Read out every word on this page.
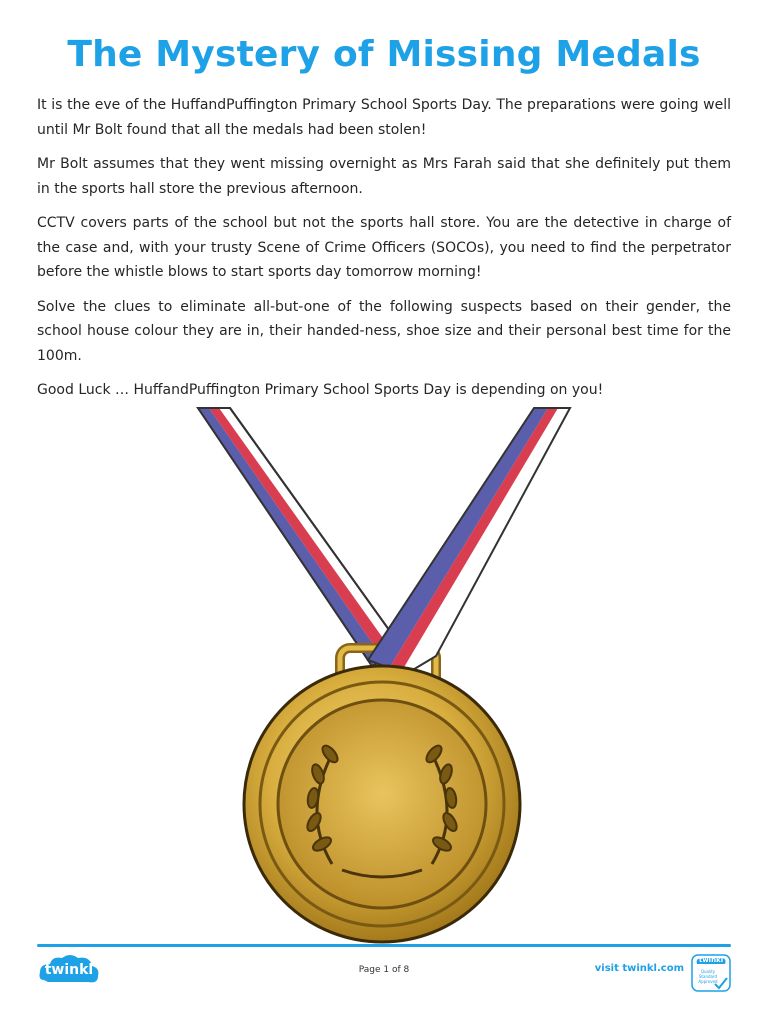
The Mystery of Missing Medals

It is the eve of the HuffandPuffington Primary School Sports Day. The preparations were going well until Mr Bolt found that all the medals had been stolen!

Mr Bolt assumes that they went missing overnight as Mrs Farah said that she definitely put them in the sports hall store the previous afternoon.

CCTV covers parts of the school but not the sports hall store. You are the detective in charge of the case and, with your trusty Scene of Crime Officers (SOCOs), you need to find the perpetrator before the whistle blows to start sports day tomorrow morning!

Solve the clues to eliminate all-but-one of the following suspects based on their gender, the school house colour they are in, their handed-ness, shoe size and their personal best time for the 100m.

Good Luck … HuffandPuffington Primary School Sports Day is depending on you!

twinkl	Page 1 of 8	visit twinkl.com
twinkl
Quality Standard Approved
